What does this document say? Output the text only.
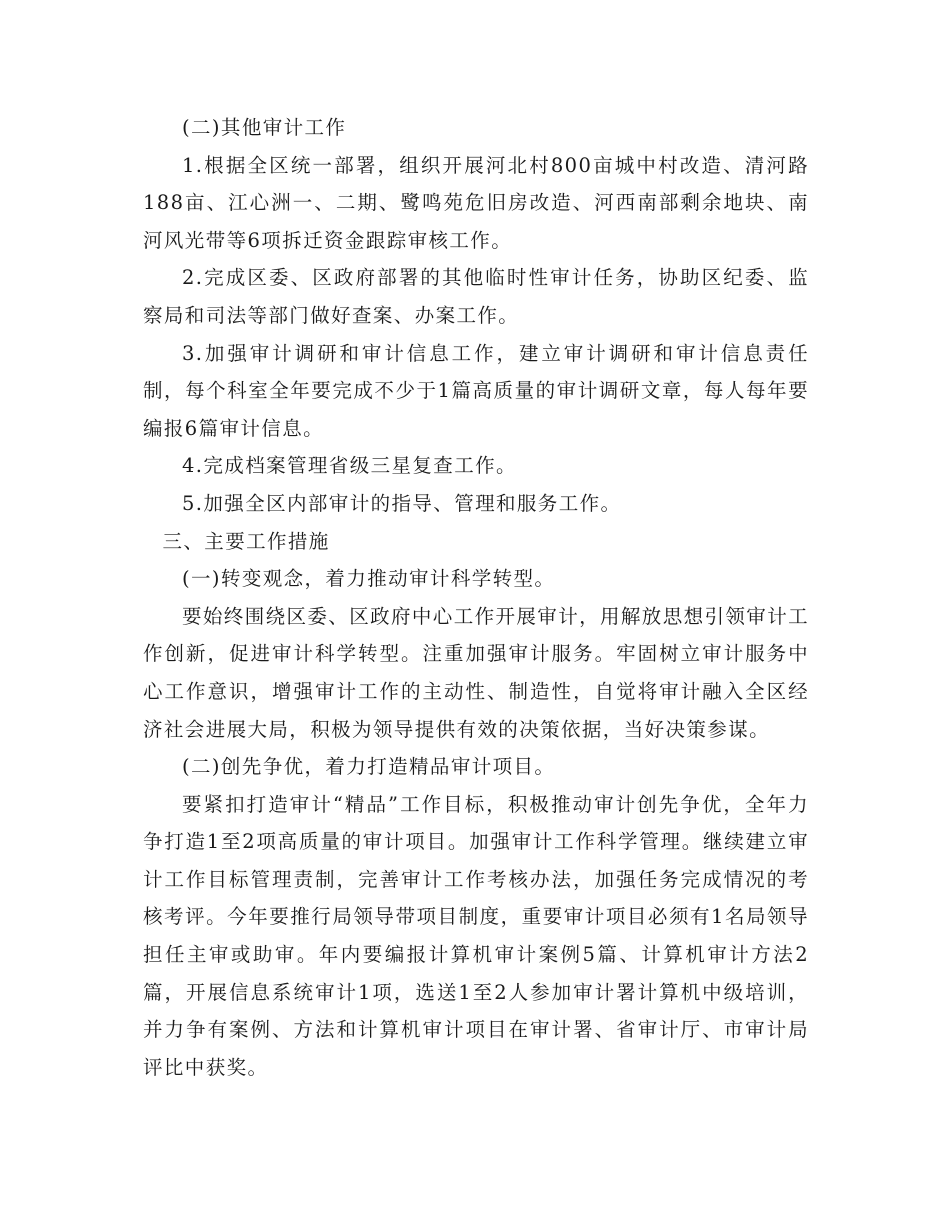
(二)其他审计工作

1.根据全区统一部署，组织开展河北村800亩城中村改造、清河路188亩、江心洲一、二期、鹭鸣苑危旧房改造、河西南部剩余地块、南河风光带等6项拆迁资金跟踪审核工作。

2.完成区委、区政府部署的其他临时性审计任务，协助区纪委、监察局和司法等部门做好查案、办案工作。

3.加强审计调研和审计信息工作，建立审计调研和审计信息责任制，每个科室全年要完成不少于1篇高质量的审计调研文章，每人每年要编报6篇审计信息。

4.完成档案管理省级三星复查工作。

5.加强全区内部审计的指导、管理和服务工作。

三、主要工作措施

(一)转变观念，着力推动审计科学转型。

要始终围绕区委、区政府中心工作开展审计，用解放思想引领审计工作创新，促进审计科学转型。注重加强审计服务。牢固树立审计服务中心工作意识，增强审计工作的主动性、制造性，自觉将审计融入全区经济社会进展大局，积极为领导提供有效的决策依据，当好决策参谋。

(二)创先争优，着力打造精品审计项目。

要紧扣打造审计“精品”工作目标，积极推动审计创先争优，全年力争打造1至2项高质量的审计项目。加强审计工作科学管理。继续建立审计工作目标管理责制，完善审计工作考核办法，加强任务完成情况的考核考评。今年要推行局领导带项目制度，重要审计项目必须有1名局领导担任主审或助审。年内要编报计算机审计案例5篇、计算机审计方法2篇，开展信息系统审计1项，选送1至2人参加审计署计算机中级培训，并力争有案例、方法和计算机审计项目在审计署、省审计厅、市审计局评比中获奖。
